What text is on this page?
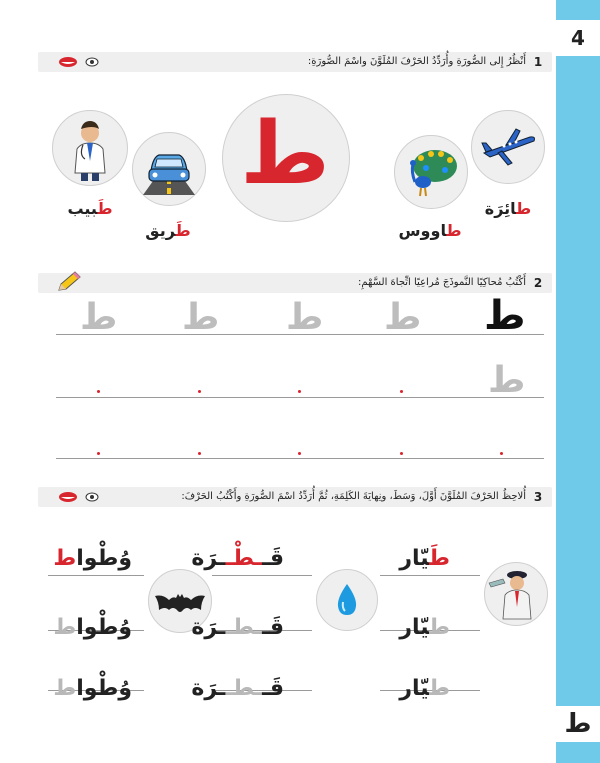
4
ط
1
أَنْظُرُ إِلى الصُّورَةِ وأُرَدِّدُ الحَرْفَ المُلَوَّنَ واسْمَ الصُّورَةِ:
ط
طائِرَة
طاووس
طَريق
طَبيب
2
أَكْتُبُ مُحاكِيًا النَّموذَجَ مُراعِيًا اتِّجاهَ السَّهْمِ:
ط
ط
ط
ط
ط
ط
3
أُلاحِظُ الحَرْفَ المُلَوَّنَ أَوَّلَ، وَسَطَ، ونِهايَةَ الكَلِمَةِ، ثُمَّ أُرَدِّدُ اسْمَ الصُّورَةِ وأَكْتُبُ الحَرْفَ:
طَيّار
طيّار
طيّار
قَــطْــرَة
قَــطــرَة
قَــطــرَة
وُطْواط
وُطْواط
وُطْواط
